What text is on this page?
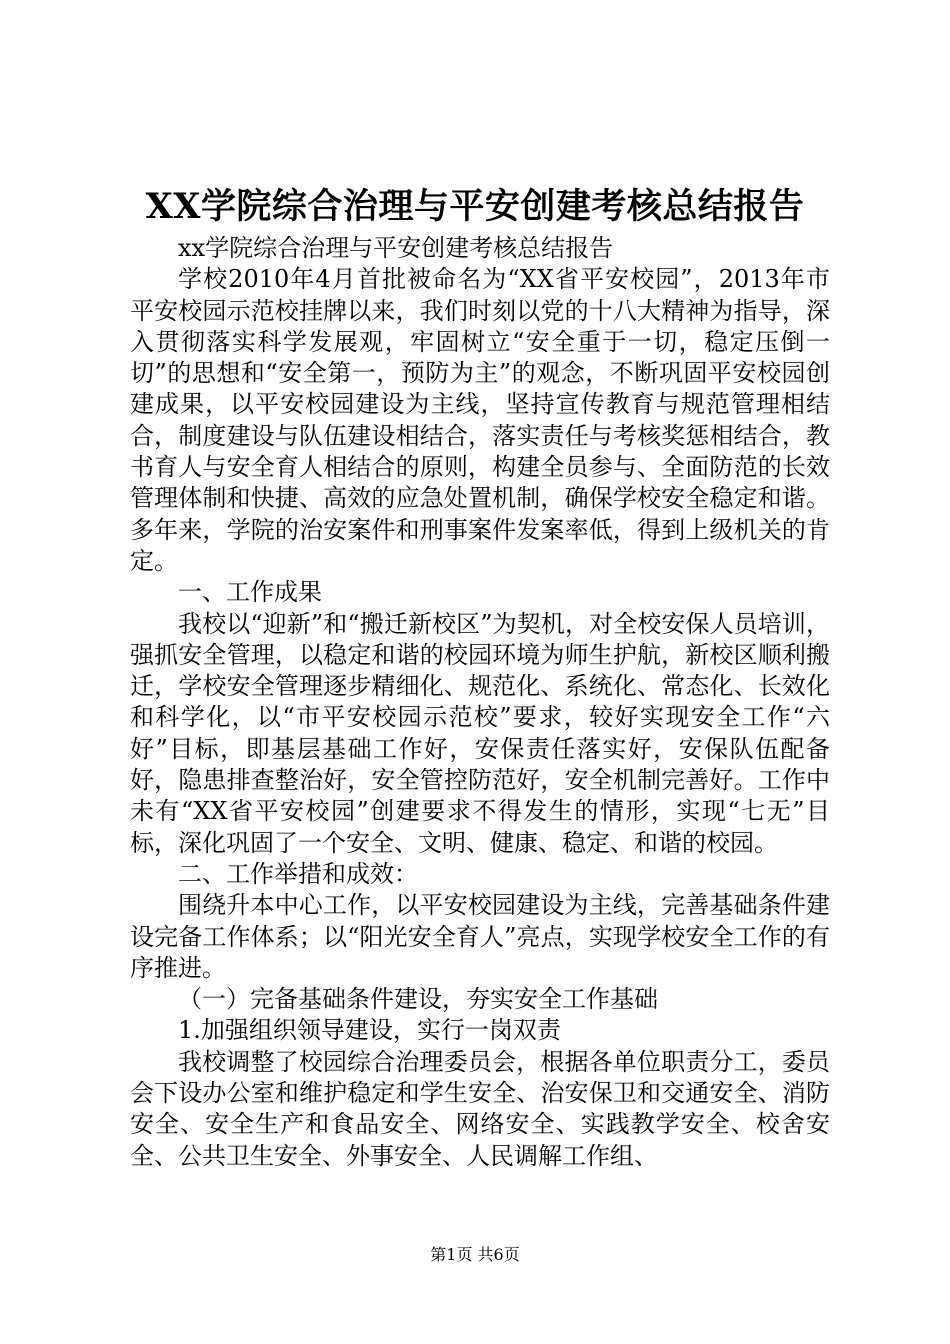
XX学院综合治理与平安创建考核总结报告

xx学院综合治理与平安创建考核总结报告

学校2010年4月首批被命名为“XX省平安校园”，2013年市平安校园示范校挂牌以来，我们时刻以党的十八大精神为指导，深入贯彻落实科学发展观，牢固树立“安全重于一切，稳定压倒一切”的思想和“安全第一，预防为主”的观念，不断巩固平安校园创建成果，以平安校园建设为主线，坚持宣传教育与规范管理相结合，制度建设与队伍建设相结合，落实责任与考核奖惩相结合，教书育人与安全育人相结合的原则，构建全员参与、全面防范的长效管理体制和快捷、高效的应急处置机制，确保学校安全稳定和谐。多年来，学院的治安案件和刑事案件发案率低，得到上级机关的肯定。

一、工作成果

我校以“迎新”和“搬迁新校区”为契机，对全校安保人员培训，强抓安全管理，以稳定和谐的校园环境为师生护航，新校区顺利搬迁，学校安全管理逐步精细化、规范化、系统化、常态化、长效化和科学化，以“市平安校园示范校”要求，较好实现安全工作“六好”目标，即基层基础工作好，安保责任落实好，安保队伍配备好，隐患排查整治好，安全管控防范好，安全机制完善好。工作中未有“XX省平安校园”创建要求不得发生的情形，实现“七无”目标，深化巩固了一个安全、文明、健康、稳定、和谐的校园。

二、工作举措和成效：

围绕升本中心工作，以平安校园建设为主线，完善基础条件建设完备工作体系；以“阳光安全育人”亮点，实现学校安全工作的有序推进。

（一）完备基础条件建设，夯实安全工作基础

1.加强组织领导建设，实行一岗双责

我校调整了校园综合治理委员会，根据各单位职责分工，委员会下设办公室和维护稳定和学生安全、治安保卫和交通安全、消防安全、安全生产和食品安全、网络安全、实践教学安全、校舍安全、公共卫生安全、外事安全、人民调解工作组、

第1页 共6页
